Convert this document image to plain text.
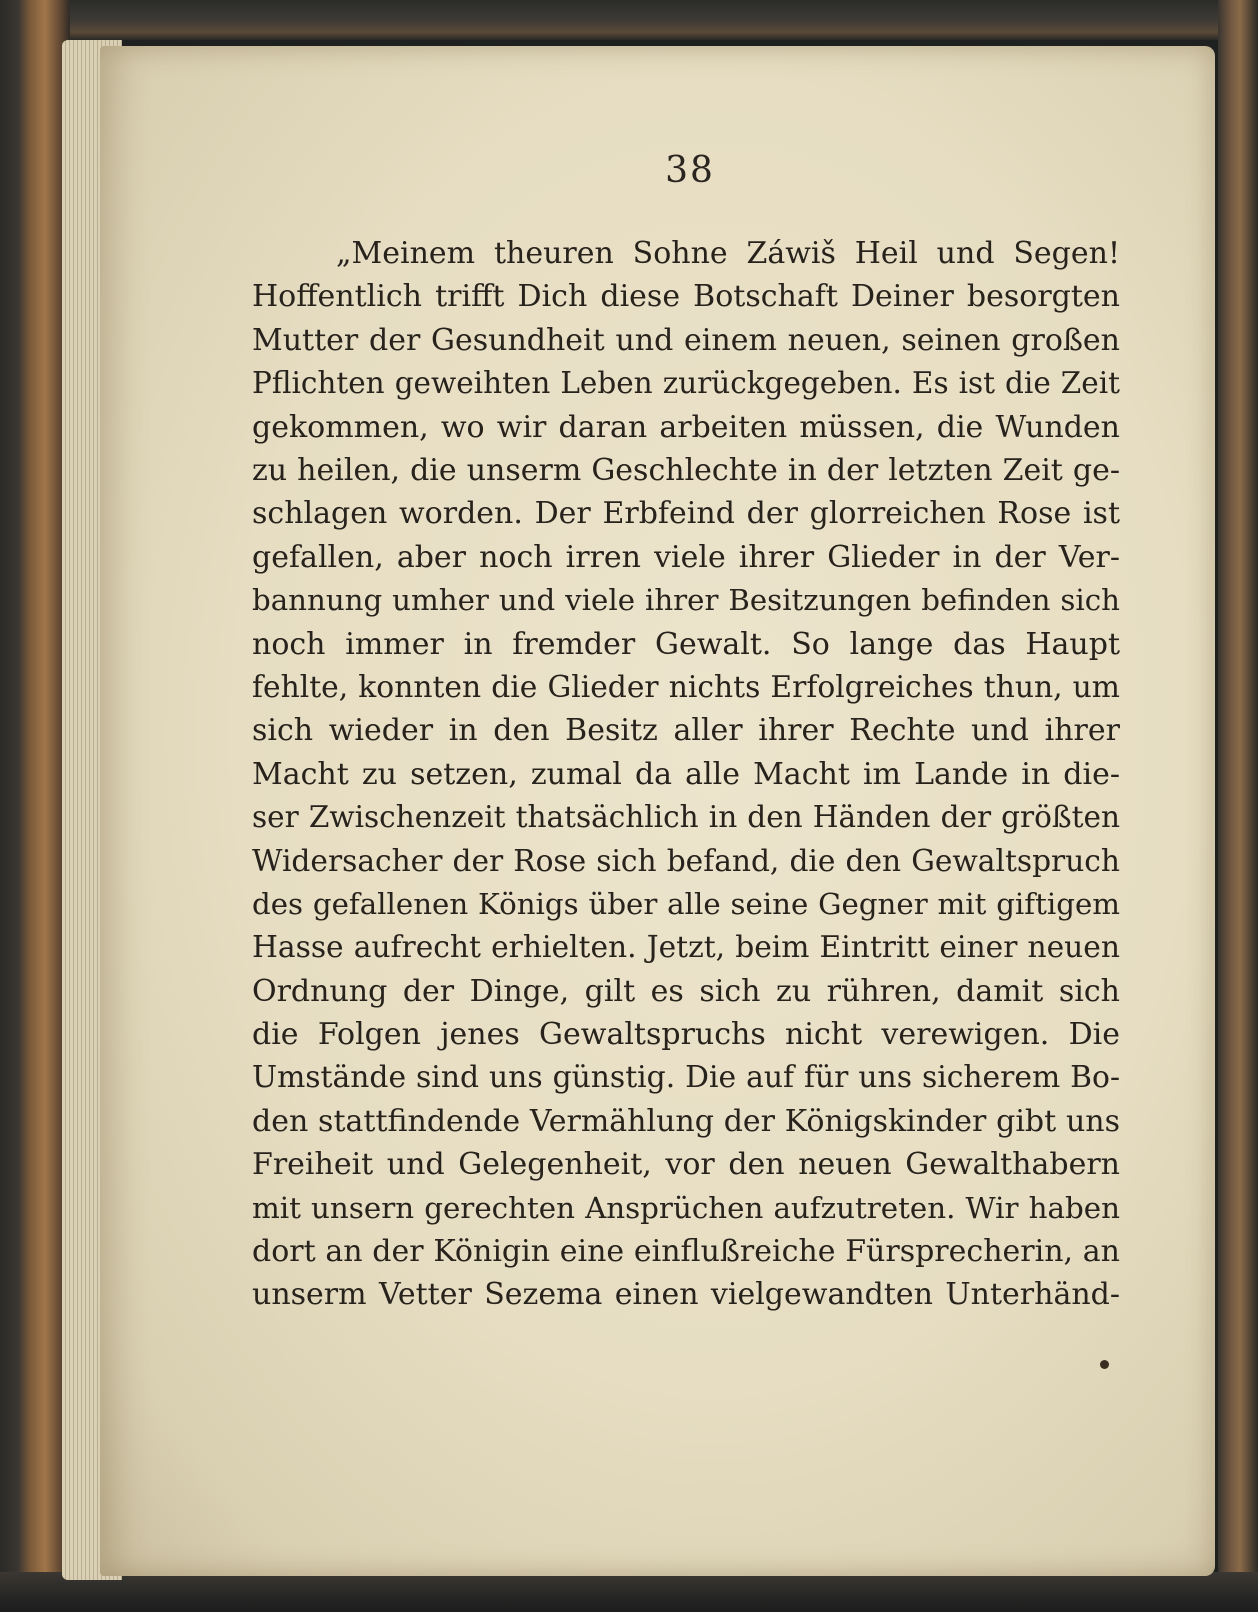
38
„Meinem theuren Sohne Záwiš Heil und Segen!
Hoffentlich trifft Dich diese Botschaft Deiner besorgten
Mutter der Gesundheit und einem neuen, seinen großen
Pflichten geweihten Leben zurückgegeben. Es ist die Zeit
gekommen, wo wir daran arbeiten müssen, die Wunden
zu heilen, die unserm Geschlechte in der letzten Zeit ge-
schlagen worden. Der Erbfeind der glorreichen Rose ist
gefallen, aber noch irren viele ihrer Glieder in der Ver-
bannung umher und viele ihrer Besitzungen befinden sich
noch immer in fremder Gewalt. So lange das Haupt
fehlte, konnten die Glieder nichts Erfolgreiches thun, um
sich wieder in den Besitz aller ihrer Rechte und ihrer
Macht zu setzen, zumal da alle Macht im Lande in die-
ser Zwischenzeit thatsächlich in den Händen der größten
Widersacher der Rose sich befand, die den Gewaltspruch
des gefallenen Königs über alle seine Gegner mit giftigem
Hasse aufrecht erhielten. Jetzt, beim Eintritt einer neuen
Ordnung der Dinge, gilt es sich zu rühren, damit sich
die Folgen jenes Gewaltspruchs nicht verewigen. Die
Umstände sind uns günstig. Die auf für uns sicherem Bo-
den stattfindende Vermählung der Königskinder gibt uns
Freiheit und Gelegenheit, vor den neuen Gewalthabern
mit unsern gerechten Ansprüchen aufzutreten. Wir haben
dort an der Königin eine einflußreiche Fürsprecherin, an
unserm Vetter Sezema einen vielgewandten Unterhänd-
